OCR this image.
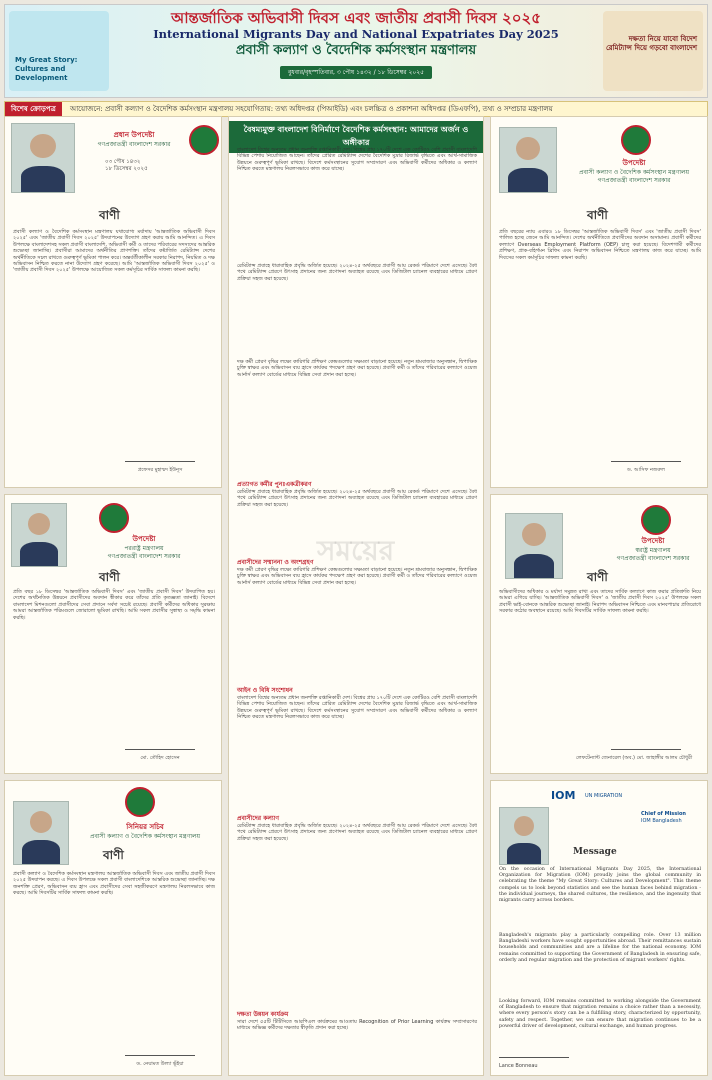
My Great Story:
Cultures and Development
আন্তর্জাতিক অভিবাসী দিবস এবং জাতীয় প্রবাসী দিবস ২০২৫
International Migrants Day and National Expatriates Day 2025
প্রবাসী কল্যাণ ও বৈদেশিক কর্মসংস্থান মন্ত্রণালয়
বুধবার/বৃহস্পতিবার, ৩ পৌষ ১৪৩২ / ১৮ ডিসেম্বর ২০২৫
দক্ষতা নিয়ে যাবো বিদেশ
রেমিট্যান্স দিয়ে গড়বো বাংলাদেশ
বিশেষ ক্রোড়পত্র আয়োজনে: প্রবাসী কল্যাণ ও বৈদেশিক কর্মসংস্থান মন্ত্রণালয় সহযোগিতায়: তথ্য অধিদপ্তর (পিআইডি) এবং চলচ্চিত্র ও প্রকাশনা অধিদপ্তর (ডিএফপি), তথ্য ও সম্প্রচার মন্ত্রণালয়
প্রধান উপদেষ্টা
গণপ্রজাতন্ত্রী বাংলাদেশ সরকার
০৩ পৌষ ১৪৩২
১৮ ডিসেম্বর ২০২৫
বাণী
প্রবাসী কল্যাণ ও বৈদেশিক কর্মসংস্থান মন্ত্রণালয় যথাযোগ্য মর্যাদায় 'আন্তর্জাতিক অভিবাসী দিবস ২০২৫' এবং 'জাতীয় প্রবাসী দিবস ২০২৫' উদযাপনের উদ্যোগ গ্রহণ করায় আমি আনন্দিত। এ দিবস উপলক্ষে বাংলাদেশসহ সকল প্রবাসী বাংলাদেশি, অভিবাসী কর্মী ও তাদের পরিবারের সদস্যদের আন্তরিক শুভেচ্ছা জানাচ্ছি। প্রবাসীরা আমাদের অর্থনীতির প্রাণশক্তি। তাঁদের কষ্টার্জিত রেমিট্যান্স দেশের অর্থনীতিকে সচল রাখতে গুরুত্বপূর্ণ ভূমিকা পালন করে। অন্তর্বর্তীকালীন সরকার নিরাপদ, নিয়মিত ও দক্ষ অভিবাসন নিশ্চিত করতে নানা উদ্যোগ গ্রহণ করেছে। আমি 'আন্তর্জাতিক অভিবাসী দিবস ২০২৫' ও 'জাতীয় প্রবাসী দিবস ২০২৫' উপলক্ষে আয়োজিত সকল কর্মসূচির সার্বিক সাফল্য কামনা করছি।
প্রফেসর মুহাম্মদ ইউনূস
বৈষম্যমুক্ত বাংলাদেশ বিনির্মাণে বৈদেশিক কর্মসংস্থান: আমাদের অর্জন ও অঙ্গীকার
বাংলাদেশ বিশ্বের অন্যতম প্রধান জনশক্তি রপ্তানিকারী দেশ। বিশ্বের প্রায় ১৭০টি দেশে এক কোটিরও বেশি প্রবাসী বাংলাদেশি বিভিন্ন পেশায় নিয়োজিত আছেন। তাঁদের প্রেরিত রেমিট্যান্স দেশের বৈদেশিক মুদ্রার রিজার্ভ বৃদ্ধিতে এবং আর্থ-সামাজিক উন্নয়নে গুরুত্বপূর্ণ ভূমিকা রাখছে। বিদেশে কর্মসংস্থানের সুযোগ সম্প্রসারণ এবং অভিবাসী কর্মীদের অধিকার ও কল্যাণ নিশ্চিত করতে মন্ত্রণালয় নিরলসভাবে কাজ করে যাচ্ছে।
রেমিট্যান্স প্রবাহে ধারাবাহিক প্রবৃদ্ধি অর্জিত হয়েছে। ২০২৪-২৫ অর্থবছরে প্রবাসী আয় রেকর্ড পরিমাণে দেশে এসেছে। বৈধ পথে রেমিট্যান্স প্রেরণে উৎসাহ প্রদানের জন্য প্রণোদনা অব্যাহত রয়েছে এবং ডিজিটাল চ্যানেল ব্যবহারের মাধ্যমে প্রেরণ প্রক্রিয়া সহজ করা হয়েছে।
দক্ষ কর্মী প্রেরণ বৃদ্ধির লক্ষ্যে কারিগরি প্রশিক্ষণ কেন্দ্রগুলোর সক্ষমতা বাড়ানো হয়েছে। নতুন শ্রমবাজার অনুসন্ধান, দ্বিপাক্ষিক চুক্তি স্বাক্ষর এবং অভিবাসন ব্যয় হ্রাসে কার্যকর পদক্ষেপ গ্রহণ করা হয়েছে। প্রবাসী কর্মী ও তাঁদের পরিবারের কল্যাণে ওয়েজ আর্নার্স কল্যাণ বোর্ডের মাধ্যমে বিভিন্ন সেবা প্রদান করা হচ্ছে।
প্রত্যাগত কর্মীর পুনঃএকত্রীকরণ
রেমিট্যান্স প্রবাহে ধারাবাহিক প্রবৃদ্ধি অর্জিত হয়েছে। ২০২৪-২৫ অর্থবছরে প্রবাসী আয় রেকর্ড পরিমাণে দেশে এসেছে। বৈধ পথে রেমিট্যান্স প্রেরণে উৎসাহ প্রদানের জন্য প্রণোদনা অব্যাহত রয়েছে এবং ডিজিটাল চ্যানেল ব্যবহারের মাধ্যমে প্রেরণ প্রক্রিয়া সহজ করা হয়েছে।
সময়ের
প্রবাসীদের সম্মাননা ও অংশগ্রহণ
দক্ষ কর্মী প্রেরণ বৃদ্ধির লক্ষ্যে কারিগরি প্রশিক্ষণ কেন্দ্রগুলোর সক্ষমতা বাড়ানো হয়েছে। নতুন শ্রমবাজার অনুসন্ধান, দ্বিপাক্ষিক চুক্তি স্বাক্ষর এবং অভিবাসন ব্যয় হ্রাসে কার্যকর পদক্ষেপ গ্রহণ করা হয়েছে। প্রবাসী কর্মী ও তাঁদের পরিবারের কল্যাণে ওয়েজ আর্নার্স কল্যাণ বোর্ডের মাধ্যমে বিভিন্ন সেবা প্রদান করা হচ্ছে।
আইন ও বিধি সংশোধন
বাংলাদেশ বিশ্বের অন্যতম প্রধান জনশক্তি রপ্তানিকারী দেশ। বিশ্বের প্রায় ১৭০টি দেশে এক কোটিরও বেশি প্রবাসী বাংলাদেশি বিভিন্ন পেশায় নিয়োজিত আছেন। তাঁদের প্রেরিত রেমিট্যান্স দেশের বৈদেশিক মুদ্রার রিজার্ভ বৃদ্ধিতে এবং আর্থ-সামাজিক উন্নয়নে গুরুত্বপূর্ণ ভূমিকা রাখছে। বিদেশে কর্মসংস্থানের সুযোগ সম্প্রসারণ এবং অভিবাসী কর্মীদের অধিকার ও কল্যাণ নিশ্চিত করতে মন্ত্রণালয় নিরলসভাবে কাজ করে যাচ্ছে।
প্রবাসীদের কল্যাণ
রেমিট্যান্স প্রবাহে ধারাবাহিক প্রবৃদ্ধি অর্জিত হয়েছে। ২০২৪-২৫ অর্থবছরে প্রবাসী আয় রেকর্ড পরিমাণে দেশে এসেছে। বৈধ পথে রেমিট্যান্স প্রেরণে উৎসাহ প্রদানের জন্য প্রণোদনা অব্যাহত রয়েছে এবং ডিজিটাল চ্যানেল ব্যবহারের মাধ্যমে প্রেরণ প্রক্রিয়া সহজ করা হয়েছে।
দক্ষতা উন্নয়ন কার্যক্রম
সারা দেশে ৫৫টি টিটিসিতে আরপিএল কার্যক্রমের আওতায় Recognition of Prior Learning কার্যক্রম সম্প্রসারণের মাধ্যমে অভিজ্ঞ কর্মীদের দক্ষতার স্বীকৃতি প্রদান করা হচ্ছে।
উপদেষ্টা
প্রবাসী কল্যাণ ও বৈদেশিক কর্মসংস্থান মন্ত্রণালয়
গণপ্রজাতন্ত্রী বাংলাদেশ সরকার
বাণী
প্রতি বছরের ন্যায় এবারও ১৮ ডিসেম্বর 'আন্তর্জাতিক অভিবাসী দিবস' এবং 'জাতীয় প্রবাসী দিবস' পালিত হচ্ছে জেনে আমি আনন্দিত। দেশের অর্থনীতিতে প্রবাসীদের অবদান অসামান্য। প্রবাসী কর্মীদের কল্যাণে Overseas Employment Platform (OEP) চালু করা হয়েছে। বিদেশগামী কর্মীদের প্রশিক্ষণ, প্রাক-বহির্গমন ব্রিফিং এবং নিরাপদ অভিবাসন নিশ্চিতে মন্ত্রণালয় কাজ করে যাচ্ছে। আমি দিবসের সকল কর্মসূচির সাফল্য কামনা করছি।
ড. আসিফ নজরুল
উপদেষ্টা
পররাষ্ট্র মন্ত্রণালয়
গণপ্রজাতন্ত্রী বাংলাদেশ সরকার
বাণী
প্রতি বছর ১৮ ডিসেম্বর 'আন্তর্জাতিক অভিবাসী দিবস' এবং 'জাতীয় প্রবাসী দিবস' উদযাপিত হয়। দেশের অর্থনৈতিক উন্নয়নে প্রবাসীদের অবদান স্বীকার করে তাঁদের প্রতি কৃতজ্ঞতা জানাই। বিদেশে বাংলাদেশ মিশনগুলো প্রবাসীদের সেবা প্রদানে সর্বদা সচেষ্ট রয়েছে। প্রবাসী কর্মীদের অধিকার সুরক্ষায় আমরা আন্তর্জাতিক পরিমণ্ডলে জোরালো ভূমিকা রাখছি। আমি সকল প্রবাসীর সুস্বাস্থ্য ও সমৃদ্ধি কামনা করছি।
মো. তৌহিদ হোসেন
উপদেষ্টা
স্বরাষ্ট্র মন্ত্রণালয়
গণপ্রজাতন্ত্রী বাংলাদেশ সরকার
বাণী
অভিবাসীদের অধিকার ও মর্যাদা সমুন্নত রাখা এবং তাদের সার্বিক কল্যাণে কাজ করার প্রতিশ্রুতি নিয়ে আমরা এগিয়ে যাচ্ছি। 'আন্তর্জাতিক অভিবাসী দিবস' ও 'জাতীয় প্রবাসী দিবস ২০২৫' উপলক্ষে সকল প্রবাসী ভাই-বোনকে আন্তরিক শুভেচ্ছা জানাই। নিরাপদ অভিবাসন নিশ্চিতে এবং মানবপাচার প্রতিরোধে সরকার কঠোর অবস্থানে রয়েছে। আমি দিবসটির সার্বিক সাফল্য কামনা করছি।
লেফটেন্যান্ট জেনারেল (অব.) মো. জাহাঙ্গীর আলম চৌধুরী
সিনিয়র সচিব
প্রবাসী কল্যাণ ও বৈদেশিক কর্মসংস্থান মন্ত্রণালয়
বাণী
প্রবাসী কল্যাণ ও বৈদেশিক কর্মসংস্থান মন্ত্রণালয় আন্তর্জাতিক অভিবাসী দিবস এবং জাতীয় প্রবাসী দিবস ২০২৫ উদযাপন করছে। এ দিবস উপলক্ষে সকল প্রবাসী বাংলাদেশিকে আন্তরিক শুভেচ্ছা জানাচ্ছি। দক্ষ জনশক্তি প্রেরণ, অভিবাসন ব্যয় হ্রাস এবং প্রবাসীদের সেবা সহজীকরণে মন্ত্রণালয় নিরলসভাবে কাজ করছে। আমি দিবসটির সার্বিক সাফল্য কামনা করছি।
ড. নেয়ামত উল্যা ভূঁইয়া
IOM UN MIGRATION
Chief of Mission
IOM Bangladesh
Message
On the occasion of International Migrants Day 2025, the International Organization for Migration (IOM) proudly joins the global community in celebrating the theme "My Great Story: Cultures and Development". This theme compels us to look beyond statistics and see the human faces behind migration - the individual journeys, the shared cultures, the resilience, and the ingenuity that migrants carry across borders.
Bangladesh's migrants play a particularly compelling role. Over 13 million Bangladeshi workers have sought opportunities abroad. Their remittances sustain households and communities and are a lifeline for the national economy. IOM remains committed to supporting the Government of Bangladesh in ensuring safe, orderly and regular migration and the protection of migrant workers' rights.
Looking forward, IOM remains committed to working alongside the Government of Bangladesh to ensure that migration remains a choice rather than a necessity, where every person's story can be a fulfilling story, characterized by opportunity, safety and respect. Together, we can ensure that migration continues to be a powerful driver of development, cultural exchange, and human progress.
Lance Bonneau
